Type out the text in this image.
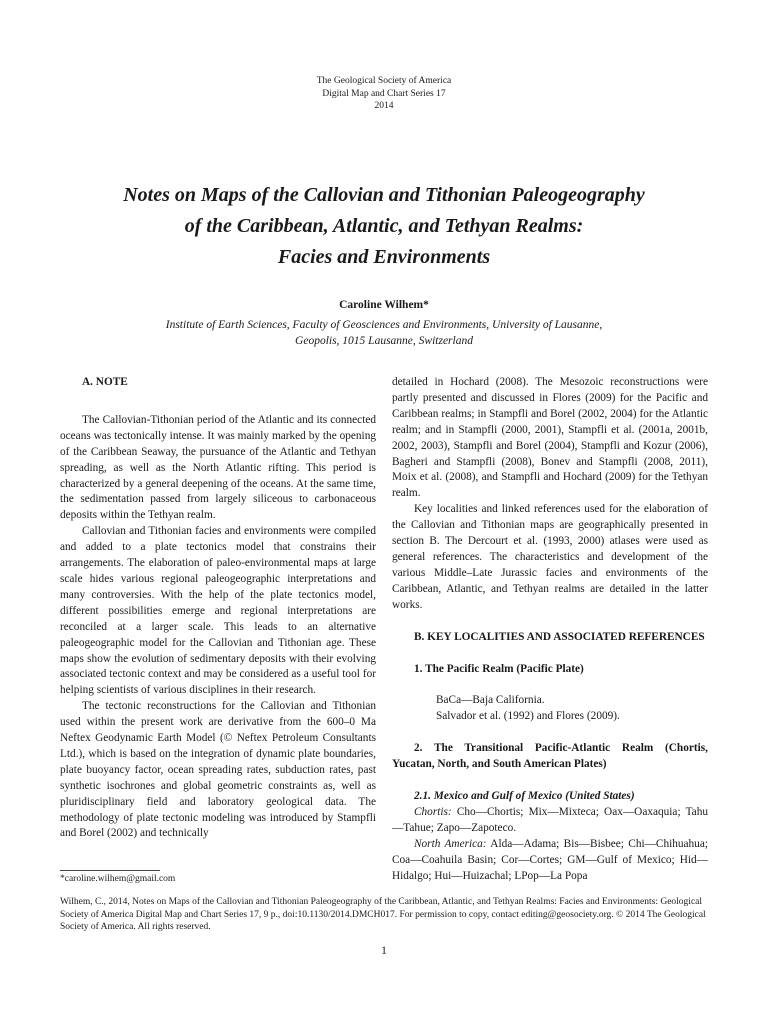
The Geological Society of America
Digital Map and Chart Series 17
2014
Notes on Maps of the Callovian and Tithonian Paleogeography
of the Caribbean, Atlantic, and Tethyan Realms:
Facies and Environments
Caroline Wilhem*
Institute of Earth Sciences, Faculty of Geosciences and Environments, University of Lausanne,
Geopolis, 1015 Lausanne, Switzerland

A. NOTE

The Callovian-Tithonian period of the Atlantic and its connected oceans was tectonically intense. It was mainly marked by the opening of the Caribbean Seaway, the pursuance of the Atlantic and Tethyan spreading, as well as the North Atlantic rifting. This period is characterized by a general deepening of the oceans. At the same time, the sedimentation passed from largely siliceous to carbonaceous deposits within the Tethyan realm.

Callovian and Tithonian facies and environments were compiled and added to a plate tectonics model that constrains their arrangements. The elaboration of paleo-environmental maps at large scale hides various regional paleogeographic interpretations and many controversies. With the help of the plate tectonics model, different possibilities emerge and regional interpretations are reconciled at a larger scale. This leads to an alternative paleogeographic model for the Callovian and Tithonian age. These maps show the evolution of sedimentary deposits with their evolving associated tectonic context and may be considered as a useful tool for helping scientists of various disciplines in their research.

The tectonic reconstructions for the Callovian and Tithonian used within the present work are derivative from the 600–0 Ma Neftex Geodynamic Earth Model (© Neftex Petroleum Consultants Ltd.), which is based on the integration of dynamic plate boundaries, plate buoyancy factor, ocean spreading rates, subduction rates, past synthetic isochrones and global geometric constraints as, well as pluridisciplinary field and laboratory geological data. The methodology of plate tectonic modeling was introduced by Stampfli and Borel (2002) and technically

detailed in Hochard (2008). The Mesozoic reconstructions were partly presented and discussed in Flores (2009) for the Pacific and Caribbean realms; in Stampfli and Borel (2002, 2004) for the Atlantic realm; and in Stampfli (2000, 2001), Stampfli et al. (2001a, 2001b, 2002, 2003), Stampfli and Borel (2004), Stampfli and Kozur (2006), Bagheri and Stampfli (2008), Bonev and Stampfli (2008, 2011), Moix et al. (2008), and Stampfli and Hochard (2009) for the Tethyan realm.

Key localities and linked references used for the elaboration of the Callovian and Tithonian maps are geographically presented in section B. The Dercourt et al. (1993, 2000) atlases were used as general references. The characteristics and development of the various Middle–Late Jurassic facies and environments of the Caribbean, Atlantic, and Tethyan realms are detailed in the latter works.

B. KEY LOCALITIES AND ASSOCIATED REFERENCES

1. The Pacific Realm (Pacific Plate)

BaCa—Baja California.

Salvador et al. (1992) and Flores (2009).

2. The Transitional Pacific-Atlantic Realm (Chortis, Yucatan, North, and South American Plates)

2.1. Mexico and Gulf of Mexico (United States)

Chortis: Cho—Chortis; Mix—Mixteca; Oax—Oaxaquia; Tahu—Tahue; Zapo—Zapoteco.

North America: Alda—Adama; Bis—Bisbee; Chi—Chihuahua; Coa—Coahuila Basin; Cor—Cortes; GM—Gulf of Mexico; Hid—Hidalgo; Hui—Huizachal; LPop—La Popa

*caroline.wilhem@gmail.com
Wilhem, C., 2014, Notes on Maps of the Callovian and Tithonian Paleogeography of the Caribbean, Atlantic, and Tethyan Realms: Facies and Environments: Geological Society of America Digital Map and Chart Series 17, 9 p., doi:10.1130/2014.DMCH017. For permission to copy, contact editing@geosociety.org. © 2014 The Geological Society of America. All rights reserved.
1
